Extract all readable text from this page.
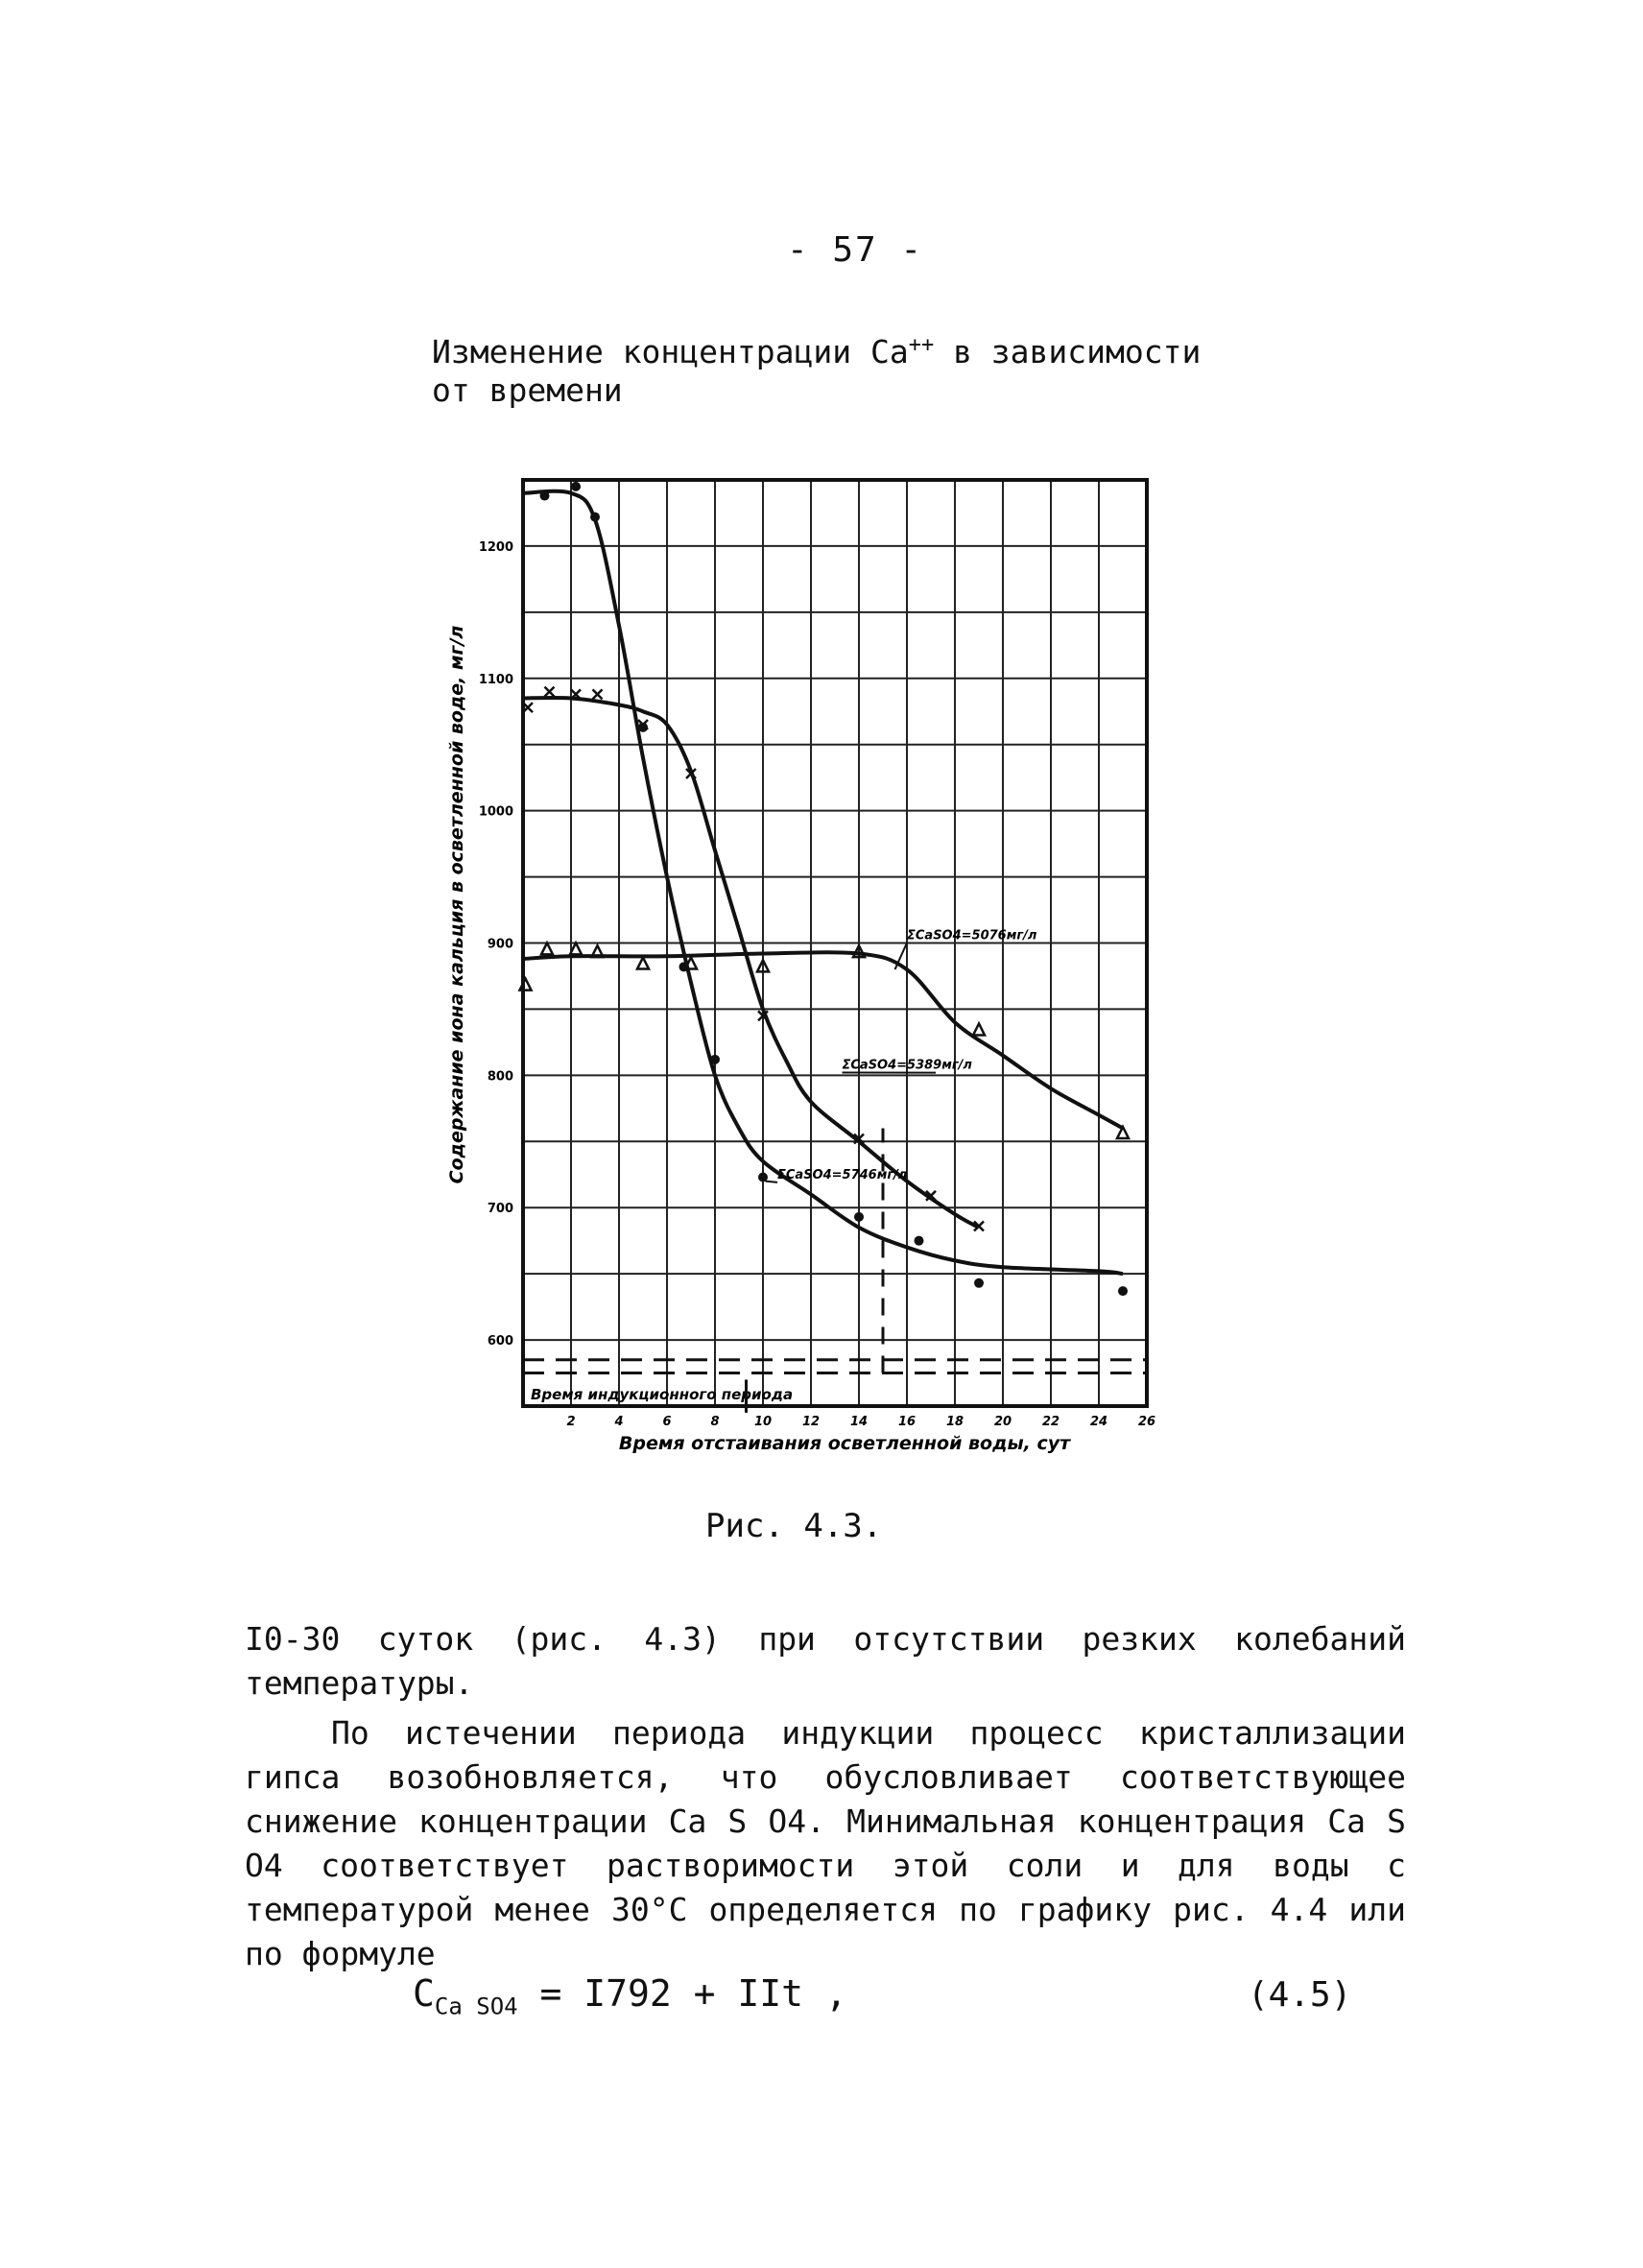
- 57 -
Изменение концентрации Ca++ в зависимости
от времени
Время индукционного периода
2	4	6	8	10 12 14 16 18 20 22 24 26
600
700
800
900
1000
1100
1200
Время отстаивания осветленной воды, сут
Содержание иона кальция в осветленной воде, мг/л	ΣCaSO4=5746мг/л
ΣCaSO4=5389мг/л
ΣCaSO4=5076мг/л
Рис. 4.3.

I0-30 суток (рис. 4.3) при отсутствии резких колебаний температуры.

По истечении периода индукции процесс кристаллизации гипса возобновляется, что обусловливает соответствующее снижение концентрации Ca S O4. Минимальная концентрация Ca S O4 соответствует растворимости этой соли и для воды с температурой менее 30°C определяется по графику рис. 4.4 или по формуле

$C_{Ca SO4} = I792$ + IIt ,	(4.5)
